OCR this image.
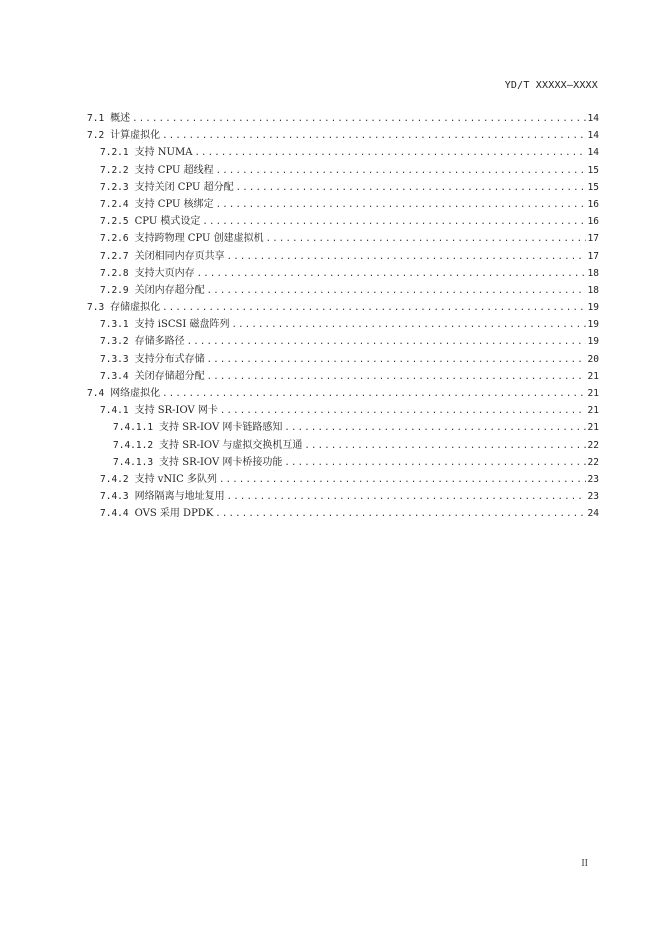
YD/T XXXXX—XXXX
7.1 概述 .....	14
7.2 计算虚拟化 .....	14
7.2.1 支持 NUMA .....	14
7.2.2 支持 CPU 超线程 .....	15
7.2.3 支持关闭 CPU 超分配 .....	15
7.2.4 支持 CPU 核绑定 .....	16
7.2.5 CPU 模式设定 .....	16
7.2.6 支持跨物理 CPU 创建虚拟机 .....	17
7.2.7 关闭相同内存页共享 .....	17
7.2.8 支持大页内存 .....	18
7.2.9 关闭内存超分配 .....	18
7.3 存储虚拟化 .....	19
7.3.1 支持 iSCSI 磁盘阵列 .....	19
7.3.2 存储多路径 .....	19
7.3.3 支持分布式存储 .....	20
7.3.4 关闭存储超分配 .....	21
7.4 网络虚拟化 .....	21
7.4.1 支持 SR-IOV 网卡 .....	21
7.4.1.1 支持 SR-IOV 网卡链路感知 .....	21
7.4.1.2 支持 SR-IOV 与虚拟交换机互通 .....	22
7.4.1.3 支持 SR-IOV 网卡桥接功能 .....	22
7.4.2 支持 vNIC 多队列 .....	23
7.4.3 网络隔离与地址复用 .....	23
7.4.4 OVS 采用 DPDK .....	24
II
